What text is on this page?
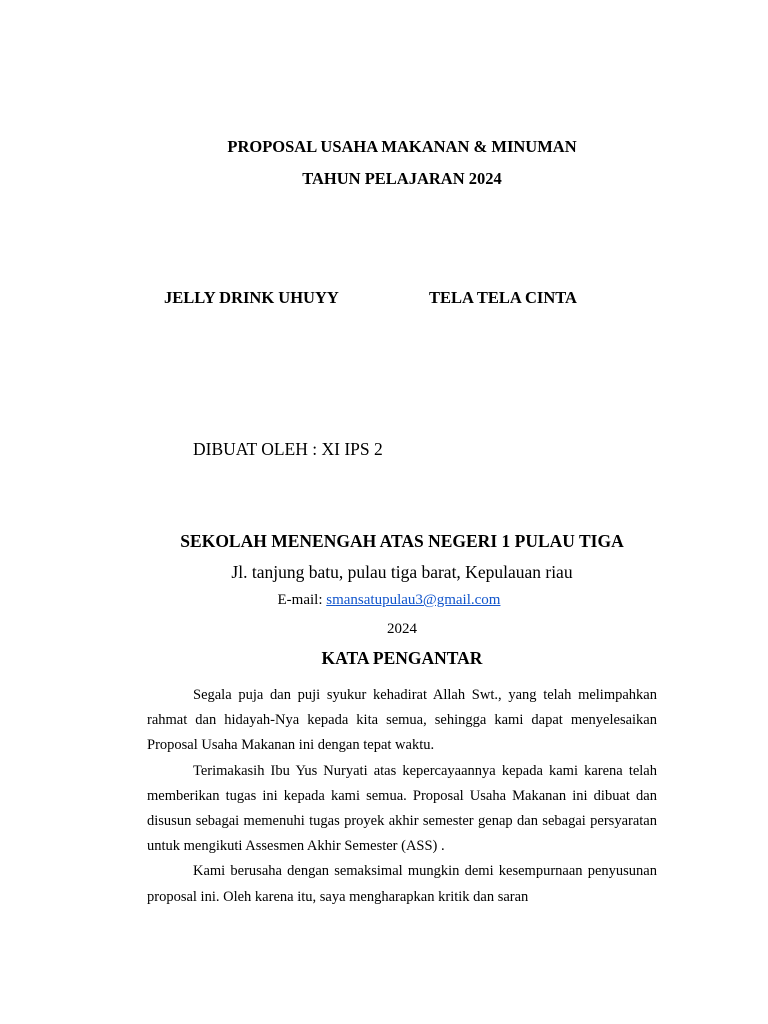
PROPOSAL USAHA MAKANAN & MINUMAN
TAHUN PELAJARAN 2024
JELLY DRINK UHUYY	TELA TELA CINTA
DIBUAT OLEH : XI IPS 2
SEKOLAH MENENGAH ATAS NEGERI 1 PULAU TIGA
Jl. tanjung batu, pulau tiga barat, Kepulauan riau
E-mail: smansatupulau3@gmail.com
2024
KATA PENGANTAR

Segala puja dan puji syukur kehadirat Allah Swt., yang telah melimpahkan rahmat dan hidayah-Nya kepada kita semua, sehingga kami dapat menyelesaikan Proposal Usaha Makanan ini dengan tepat waktu.

Terimakasih Ibu Yus Nuryati atas kepercayaannya kepada kami karena telah memberikan tugas ini kepada kami semua. Proposal Usaha Makanan ini dibuat dan disusun sebagai memenuhi tugas proyek akhir semester genap dan sebagai persyaratan untuk mengikuti Assesmen Akhir Semester (ASS) .

Kami berusaha dengan semaksimal mungkin demi kesempurnaan penyusunan proposal ini. Oleh karena itu, saya mengharapkan kritik dan saran
